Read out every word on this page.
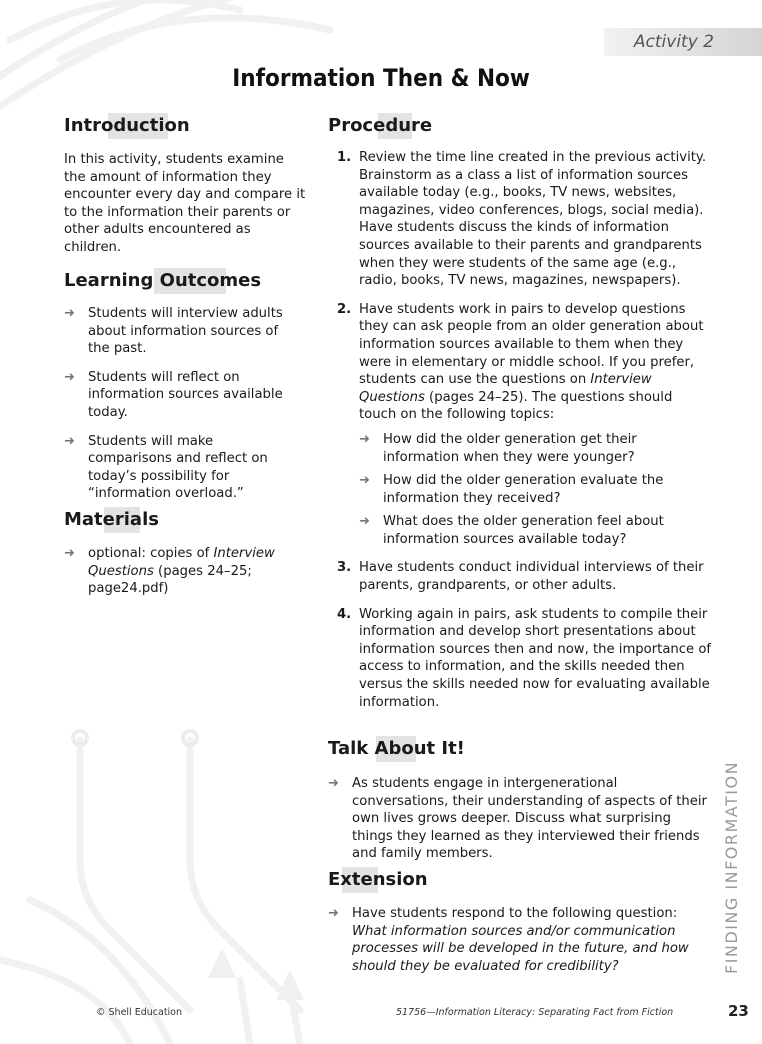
Activity 2
Information Then & Now
Introduction

In this activity, students examine the amount of information they encounter every day and compare it to the information their parents or other adults encountered as children.

Learning Outcomes
➜ Students will interview adults about information sources of the past.
➜ Students will reflect on information sources available today.
➜ Students will make comparisons and reflect on today’s possibility for “information overload.”
Materials
➜ optional: copies of Interview Questions (pages 24–25; page24.pdf)
Procedure
1. Review the time line created in the previous activity. Brainstorm as a class a list of information sources available today (e.g., books, TV news, websites, magazines, video conferences, blogs, social media). Have students discuss the kinds of information sources available to their parents and grandparents when they were students of the same age (e.g., radio, books, TV news, magazines, newspapers).
2. Have students work in pairs to develop questions they can ask people from an older generation about information sources available to them when they were in elementary or middle school. If you prefer, students can use the questions on Interview Questions (pages 24–25). The questions should touch on the following topics:
➜ How did the older generation get their information when they were younger?
➜ How did the older generation evaluate the information they received?
➜ What does the older generation feel about information sources available today?
3. Have students conduct individual interviews of their parents, grandparents, or other adults.
4. Working again in pairs, ask students to compile their information and develop short presentations about information sources then and now, the importance of access to information, and the skills needed then versus the skills needed now for evaluating available information.
Talk About It!
➜ As students engage in intergenerational conversations, their understanding of aspects of their own lives grows deeper. Discuss what surprising things they learned as they interviewed their friends and family members.
Extension
➜ Have students respond to the following question:
What information sources and/or communication processes will be developed in the future, and how should they be evaluated for credibility?	FINDING INFORMATION
© Shell Education	51756—Information Literacy: Separating Fact from Fiction	23
